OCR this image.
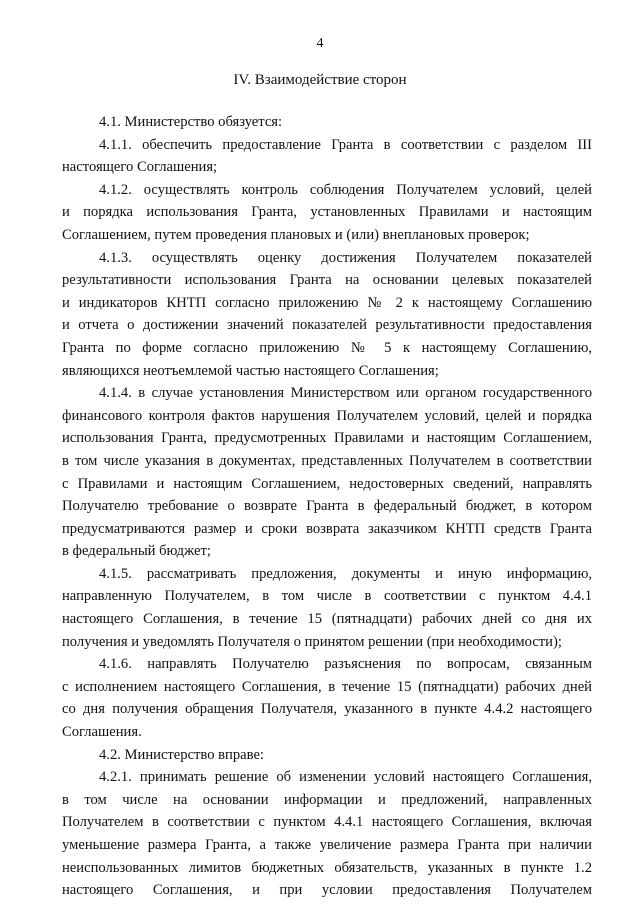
4
IV. Взаимодействие сторон
4.1. Министерство обязуется:
4.1.1. обеспечить предоставление Гранта в соответствии с разделом III
настоящего Соглашения;
4.1.2. осуществлять контроль соблюдения Получателем условий, целей
и порядка использования Гранта, установленных Правилами и настоящим
Соглашением, путем проведения плановых и (или) внеплановых проверок;
4.1.3. осуществлять оценку достижения Получателем показателей
результативности использования Гранта на основании целевых показателей
и индикаторов КНТП согласно приложению № 2 к настоящему Соглашению
и отчета о достижении значений показателей результативности предоставления
Гранта по форме согласно приложению № 5 к настоящему Соглашению,
являющихся неотъемлемой частью настоящего Соглашения;
4.1.4. в случае установления Министерством или органом государственного
финансового контроля фактов нарушения Получателем условий, целей и порядка
использования Гранта, предусмотренных Правилами и настоящим Соглашением,
в том числе указания в документах, представленных Получателем в соответствии
с Правилами и настоящим Соглашением, недостоверных сведений, направлять
Получателю требование о возврате Гранта в федеральный бюджет, в котором
предусматриваются размер и сроки возврата заказчиком КНТП средств Гранта
в федеральный бюджет;
4.1.5. рассматривать предложения, документы и иную информацию,
направленную Получателем, в том числе в соответствии с пунктом 4.4.1
настоящего Соглашения, в течение 15 (пятнадцати) рабочих дней со дня их
получения и уведомлять Получателя о принятом решении (при необходимости);
4.1.6. направлять Получателю разъяснения по вопросам, связанным
с исполнением настоящего Соглашения, в течение 15 (пятнадцати) рабочих дней
со дня получения обращения Получателя, указанного в пункте 4.4.2 настоящего
Соглашения.
4.2. Министерство вправе:
4.2.1. принимать решение об изменении условий настоящего Соглашения,
в том числе на основании информации и предложений, направленных
Получателем в соответствии с пунктом 4.4.1 настоящего Соглашения, включая
уменьшение размера Гранта, а также увеличение размера Гранта при наличии
неиспользованных лимитов бюджетных обязательств, указанных в пункте 1.2
настоящего Соглашения, и при условии предоставления Получателем
